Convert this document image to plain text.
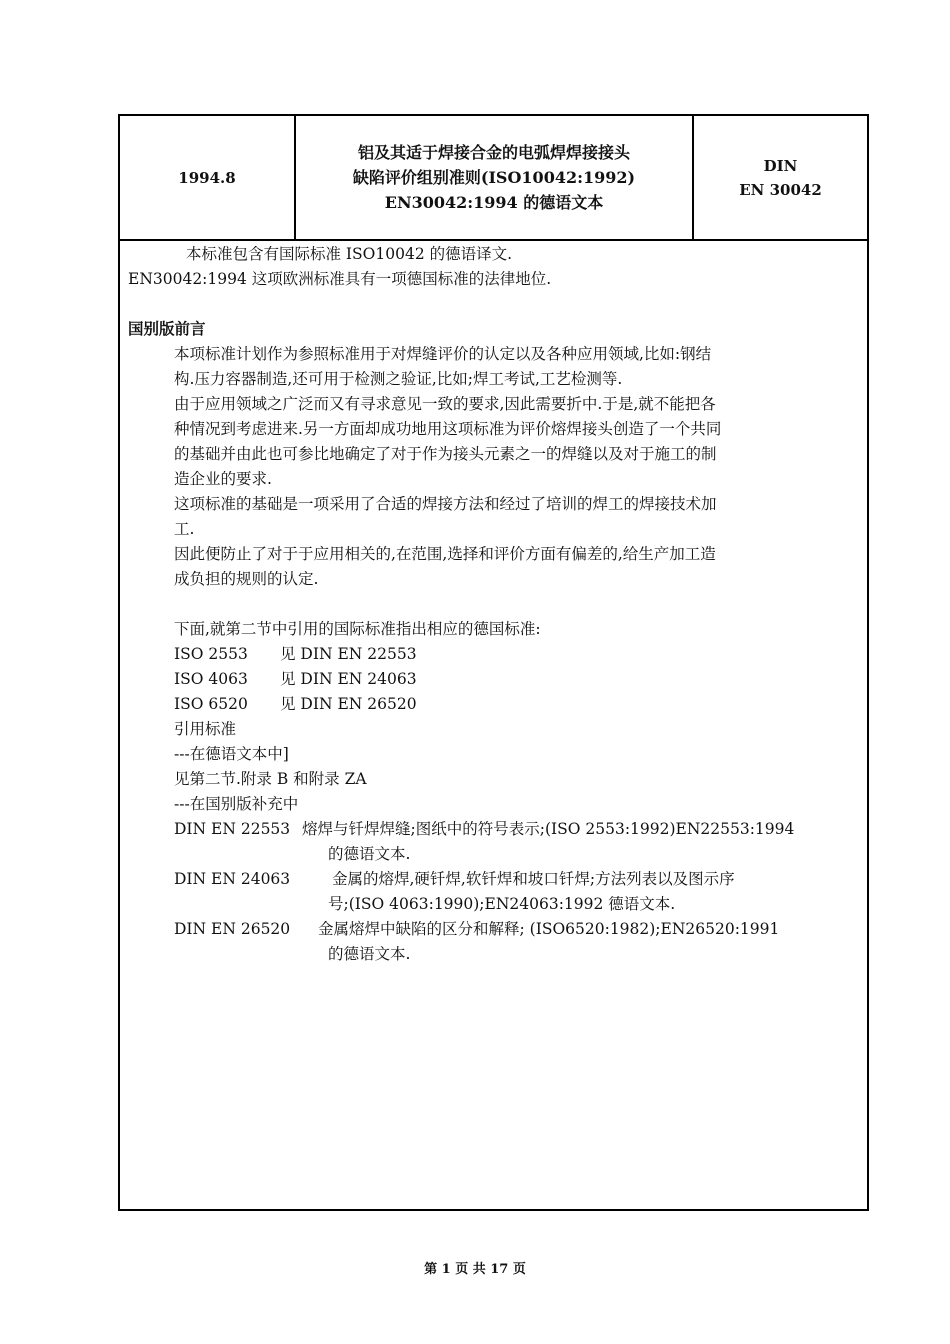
1994.8
铝及其适于焊接合金的电弧焊焊接接头
缺陷评价组别准则(ISO10042:1992)
EN30042:1994 的德语文本
DIN
EN 30042
本标准包含有国际标准 ISO10042 的德语译文.
EN30042:1994 这项欧洲标准具有一项德国标准的法律地位.
国别版前言
本项标准计划作为参照标准用于对焊缝评价的认定以及各种应用领域,比如:钢结
构.压力容器制造,还可用于检测之验证,比如;焊工考试,工艺检测等.
由于应用领域之广泛而又有寻求意见一致的要求,因此需要折中.于是,就不能把各
种情况到考虑进来.另一方面却成功地用这项标准为评价熔焊接头创造了一个共同
的基础并由此也可参比地确定了对于作为接头元素之一的焊缝以及对于施工的制
造企业的要求.
这项标准的基础是一项采用了合适的焊接方法和经过了培训的焊工的焊接技术加
工.
因此便防止了对于于应用相关的,在范围,选择和评价方面有偏差的,给生产加工造
成负担的规则的认定.
下面,就第二节中引用的国际标准指出相应的德国标准:
ISO 2553 见 DIN EN 22553
ISO 4063 见 DIN EN 24063
ISO 6520 见 DIN EN 26520
引用标准
---在德语文本中]
见第二节.附录 B 和附录 ZA
---在国别版补充中
DIN EN 22553 熔焊与钎焊焊缝;图纸中的符号表示;(ISO 2553:1992)EN22553:1994
的德语文本.
DIN EN 24063	金属的熔焊,硬钎焊,软钎焊和坡口钎焊;方法列表以及图示序
号;(ISO 4063:1990);EN24063:1992 德语文本.
DIN EN 26520 金属熔焊中缺陷的区分和解释; (ISO6520:1982);EN26520:1991
的德语文本.
第 1 页 共 17 页
